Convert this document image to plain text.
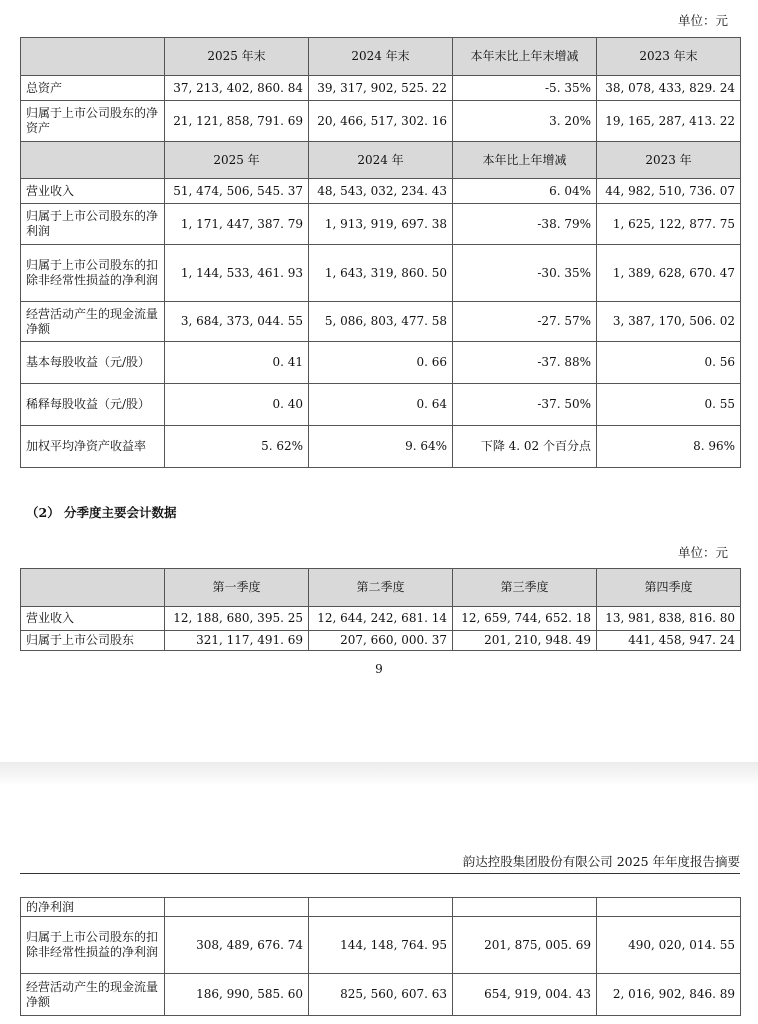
单位：元
	2025 年末	2024 年末	本年末比上年末增减	2023 年末
总资产	37, 213, 402, 860. 84	39, 317, 902, 525. 22	-5. 35%	38, 078, 433, 829. 24
归属于上市公司股东的净资产	21, 121, 858, 791. 69	20, 466, 517, 302. 16	3. 20%	19, 165, 287, 413. 22
	2025 年	2024 年	本年比上年增减	2023 年
营业收入	51, 474, 506, 545. 37	48, 543, 032, 234. 43	6. 04%	44, 982, 510, 736. 07
归属于上市公司股东的净利润	1, 171, 447, 387. 79	1, 913, 919, 697. 38	-38. 79%	1, 625, 122, 877. 75
归属于上市公司股东的扣除非经常性损益的净利润	1, 144, 533, 461. 93	1, 643, 319, 860. 50	-30. 35%	1, 389, 628, 670. 47
经营活动产生的现金流量净额	3, 684, 373, 044. 55	5, 086, 803, 477. 58	-27. 57%	3, 387, 170, 506. 02
基本每股收益（元/股）	0. 41	0. 66	-37. 88%	0. 56
稀释每股收益（元/股）	0. 40	0. 64	-37. 50%	0. 55
加权平均净资产收益率	5. 62%	9. 64%	下降 4. 02 个百分点	8. 96%
（2） 分季度主要会计数据
单位：元
	第一季度	第二季度	第三季度	第四季度
营业收入	12, 188, 680, 395. 25	12, 644, 242, 681. 14	12, 659, 744, 652. 18	13, 981, 838, 816. 80
归属于上市公司股东	321, 117, 491. 69	207, 660, 000. 37	201, 210, 948. 49	441, 458, 947. 24
9
韵达控股集团股份有限公司 2025 年年度报告摘要
的净利润				
归属于上市公司股东的扣除非经常性损益的净利润	308, 489, 676. 74	144, 148, 764. 95	201, 875, 005. 69	490, 020, 014. 55
经营活动产生的现金流量净额	186, 990, 585. 60	825, 560, 607. 63	654, 919, 004. 43	2, 016, 902, 846. 89
